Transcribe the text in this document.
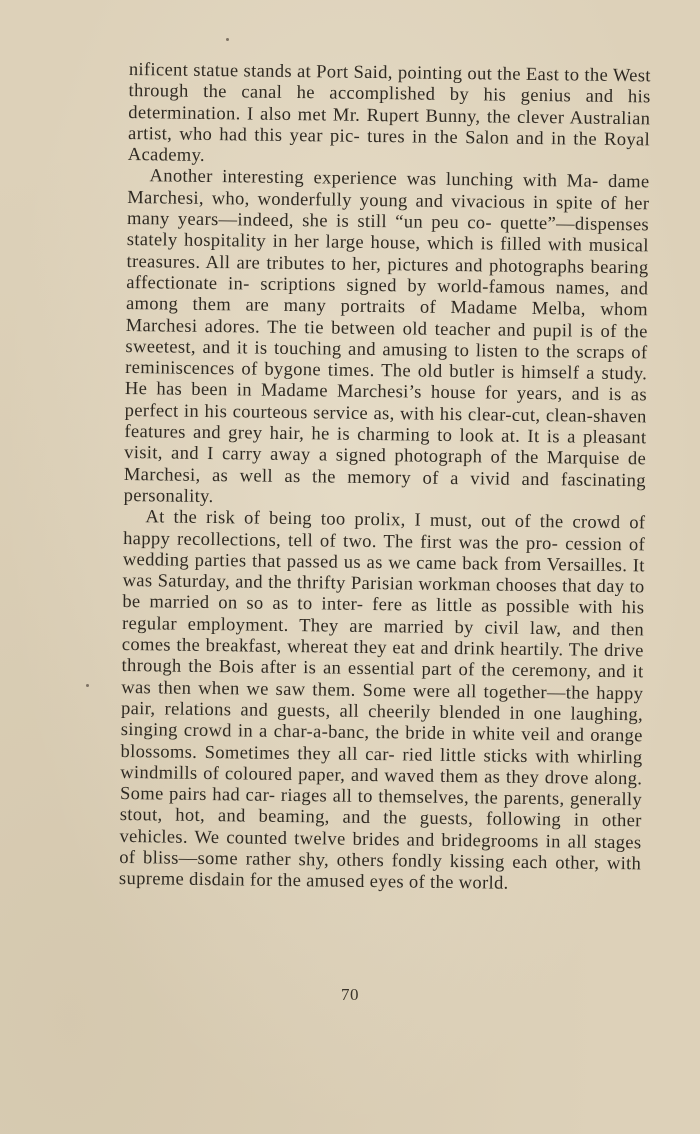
nificent statue stands at Port Said, pointing out the East to the West through the canal he accomplished by his genius and his determination. I also met Mr. Rupert Bunny, the clever Australian artist, who had this year pic- tures in the Salon and in the Royal Academy.

Another interesting experience was lunching with Ma- dame Marchesi, who, wonderfully young and vivacious in spite of her many years—indeed, she is still “un peu co- quette”—dispenses stately hospitality in her large house, which is filled with musical treasures. All are tributes to her, pictures and photographs bearing affectionate in- scriptions signed by world-famous names, and among them are many portraits of Madame Melba, whom Marchesi adores. The tie between old teacher and pupil is of the sweetest, and it is touching and amusing to listen to the scraps of reminiscences of bygone times. The old butler is himself a study. He has been in Madame Marchesi’s house for years, and is as perfect in his courteous service as, with his clear-cut, clean-shaven features and grey hair, he is charming to look at. It is a pleasant visit, and I carry away a signed photograph of the Marquise de Marchesi, as well as the memory of a vivid and fascinating personality.

At the risk of being too prolix, I must, out of the crowd of happy recollections, tell of two. The first was the pro- cession of wedding parties that passed us as we came back from Versailles. It was Saturday, and the thrifty Parisian workman chooses that day to be married on so as to inter- fere as little as possible with his regular employment. They are married by civil law, and then comes the breakfast, whereat they eat and drink heartily. The drive through the Bois after is an essential part of the ceremony, and it was then when we saw them. Some were all together—the happy pair, relations and guests, all cheerily blended in one laughing, singing crowd in a char-a-banc, the bride in white veil and orange blossoms. Sometimes they all car- ried little sticks with whirling windmills of coloured paper, and waved them as they drove along. Some pairs had car- riages all to themselves, the parents, generally stout, hot, and beaming, and the guests, following in other vehicles. We counted twelve brides and bridegrooms in all stages of bliss—some rather shy, others fondly kissing each other, with supreme disdain for the amused eyes of the world.

70
